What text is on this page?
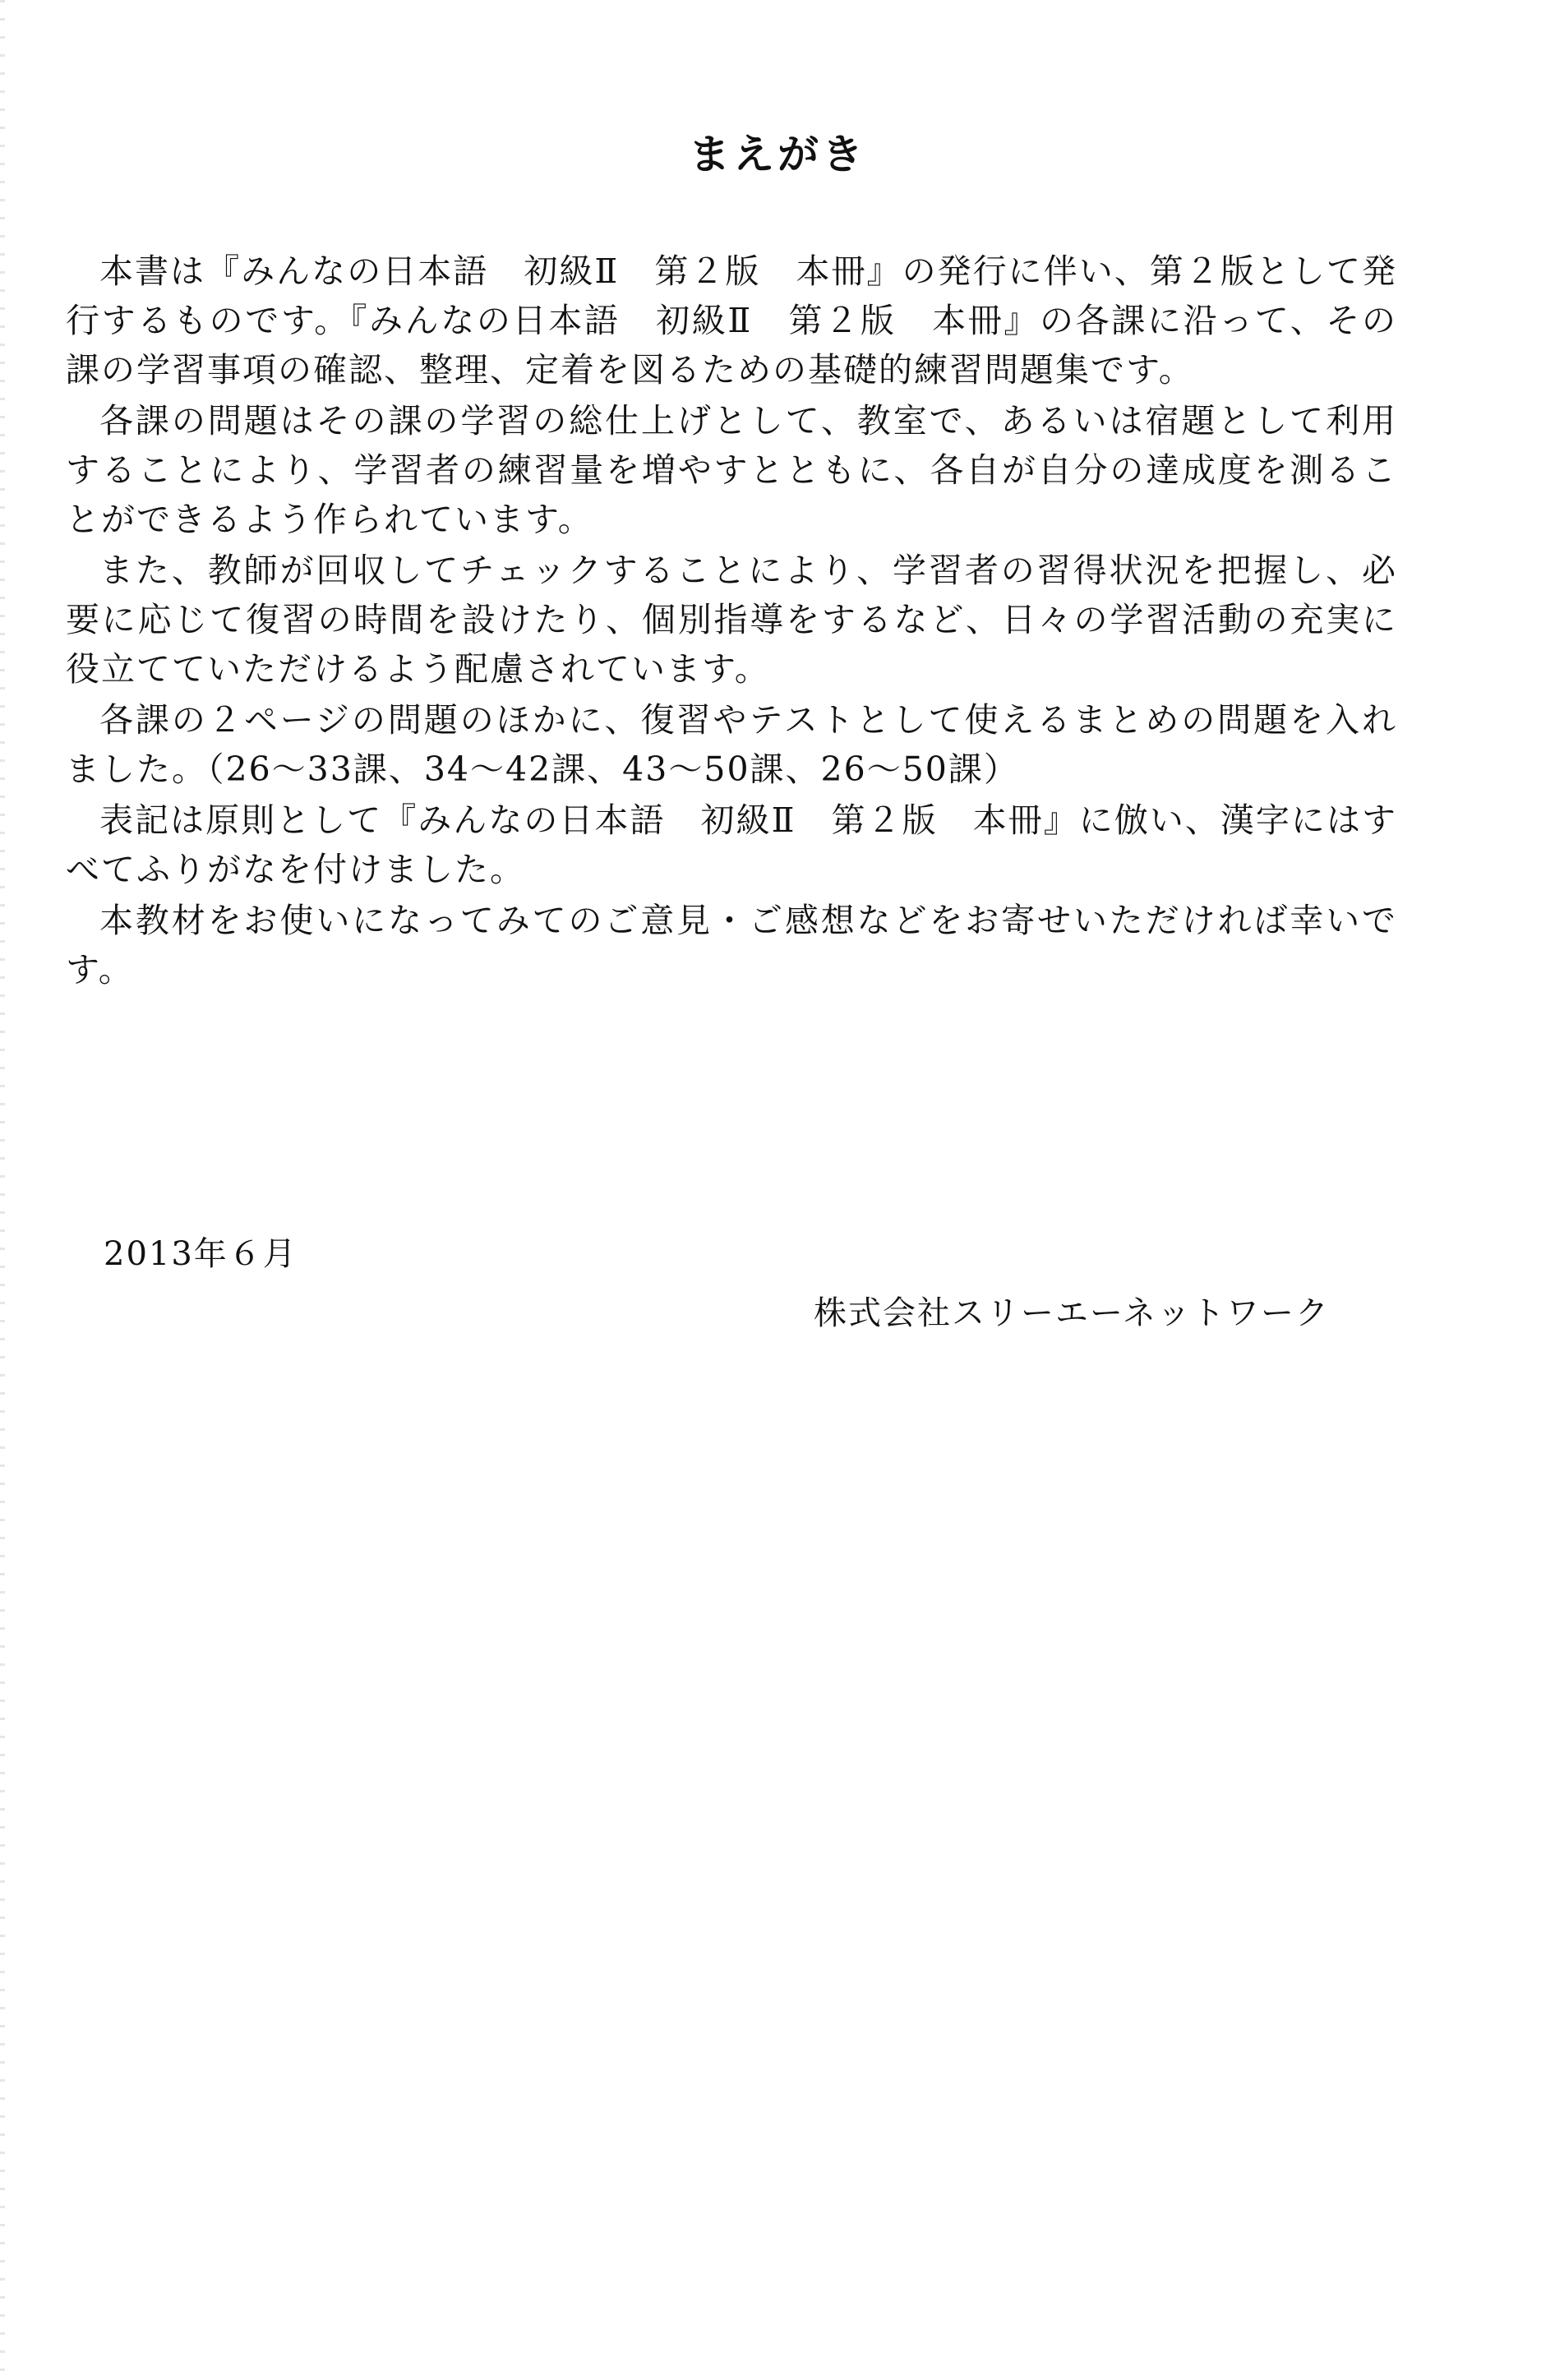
まえがき

本書は『みんなの日本語　初級Ⅱ　第２版　本冊』の発行に伴い、第２版として発行するものです。『みんなの日本語　初級Ⅱ　第２版　本冊』の各課に沿って、その課の学習事項の確認、整理、定着を図るための基礎的練習問題集です。

各課の問題はその課の学習の総仕上げとして、教室で、あるいは宿題として利用することにより、学習者の練習量を増やすとともに、各自が自分の達成度を測ることができるよう作られています。

また、教師が回収してチェックすることにより、学習者の習得状況を把握し、必要に応じて復習の時間を設けたり、個別指導をするなど、日々の学習活動の充実に役立てていただけるよう配慮されています。

各課の２ページの問題のほかに、復習やテストとして使えるまとめの問題を入れました。（26〜33課、34〜42課、43〜50課、26〜50課）

表記は原則として『みんなの日本語　初級Ⅱ　第２版　本冊』に倣い、漢字にはすべてふりがなを付けました。

本教材をお使いになってみてのご意見・ご感想などをお寄せいただければ幸いです。

2013年６月
株式会社スリーエーネットワーク
